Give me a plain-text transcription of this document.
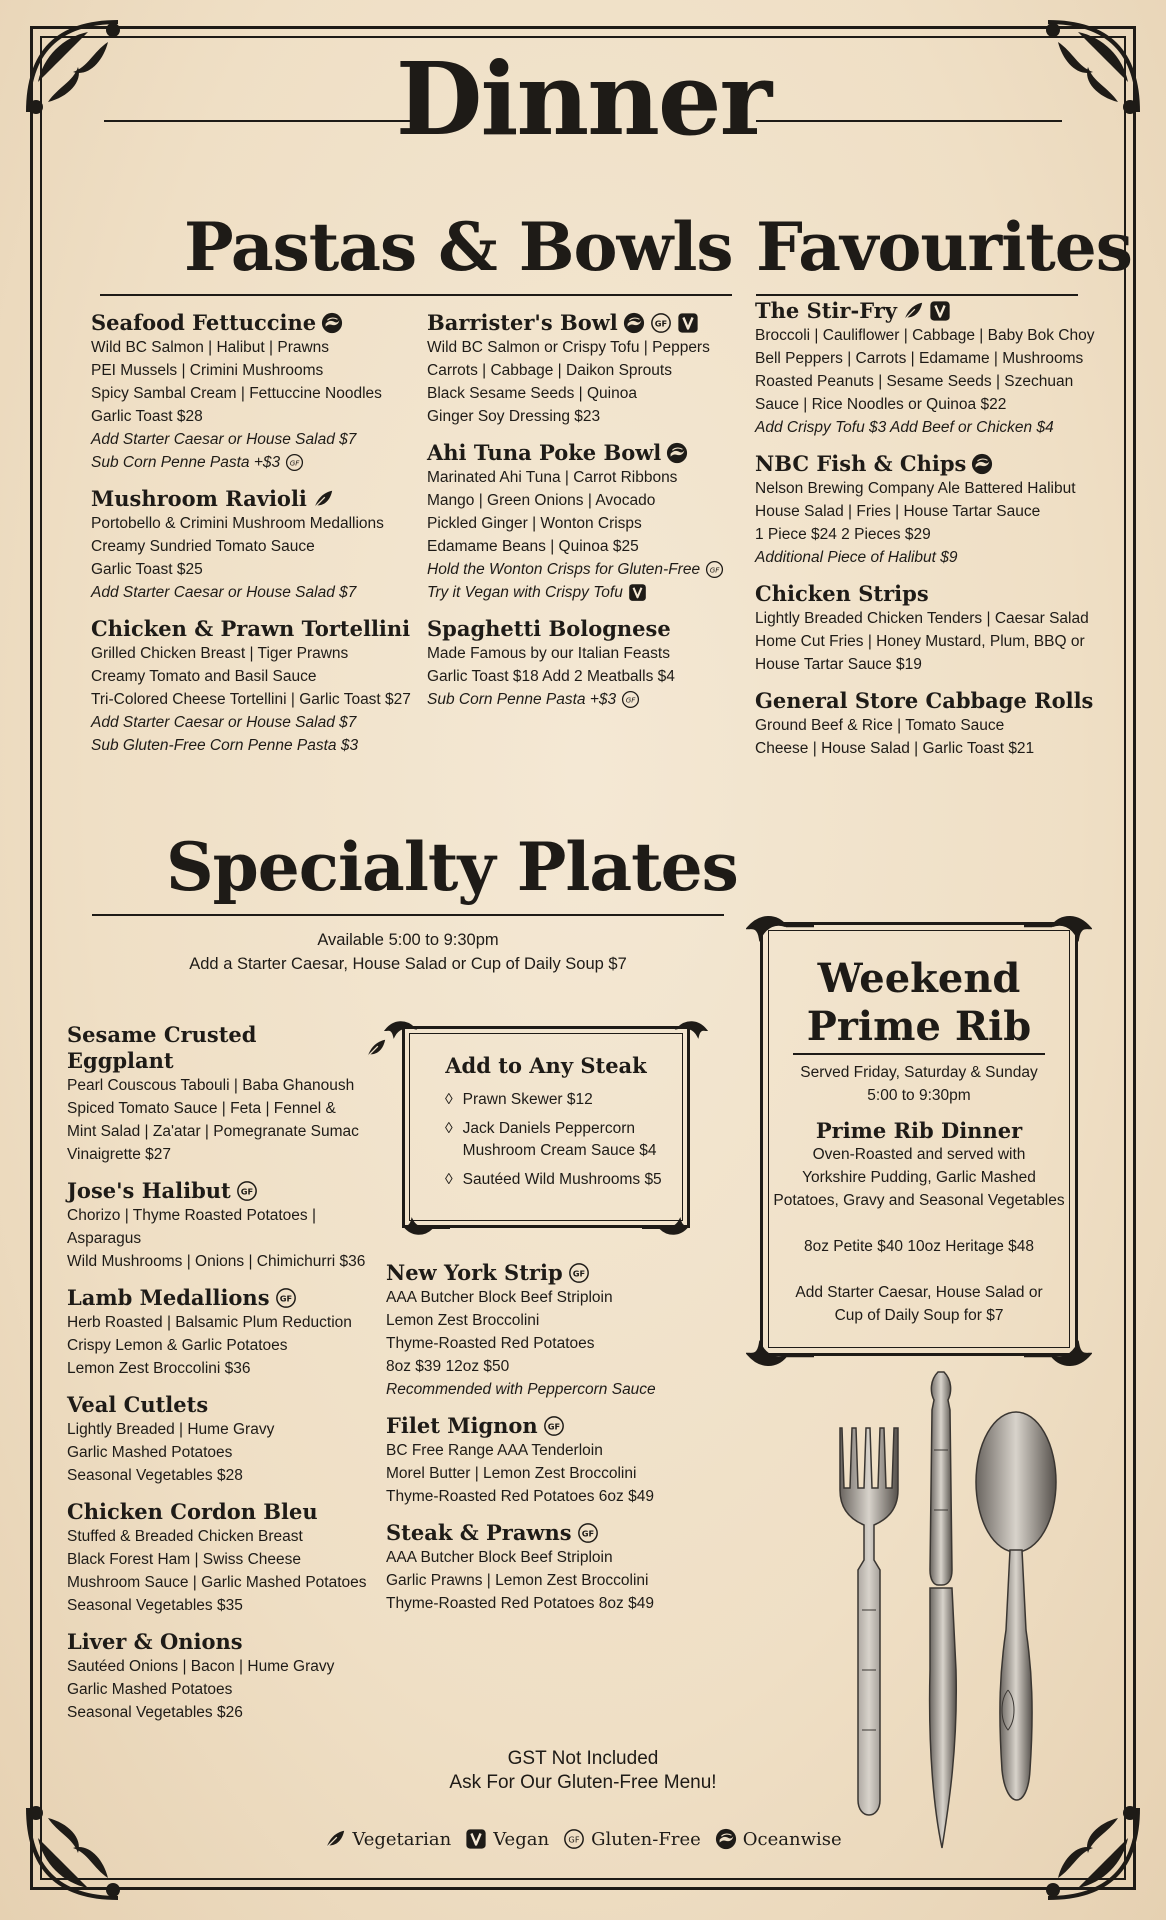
Dinner
Pastas & Bowls
Seafood Fettuccine
Wild BC Salmon | Halibut | Prawns
PEI Mussels | Crimini Mushrooms
Spicy Sambal Cream | Fettuccine Noodles
Garlic Toast $28
Add Starter Caesar or House Salad $7
Sub Corn Penne Pasta +$3 GF
Mushroom Ravioli
Portobello & Crimini Mushroom Medallions
Creamy Sundried Tomato Sauce
Garlic Toast $25
Add Starter Caesar or House Salad $7
Chicken & Prawn Tortellini
Grilled Chicken Breast | Tiger Prawns
Creamy Tomato and Basil Sauce
Tri-Colored Cheese Tortellini | Garlic Toast $27
Add Starter Caesar or House Salad $7
Sub Gluten-Free Corn Penne Pasta $3
Barrister's Bowl	GF
Wild BC Salmon or Crispy Tofu | Peppers
Carrots | Cabbage | Daikon Sprouts
Black Sesame Seeds | Quinoa
Ginger Soy Dressing $23
Ahi Tuna Poke Bowl
Marinated Ahi Tuna | Carrot Ribbons
Mango | Green Onions | Avocado
Pickled Ginger | Wonton Crisps
Edamame Beans | Quinoa $25
Hold the Wonton Crisps for Gluten-Free GF
Try it Vegan with Crispy Tofu
Spaghetti Bolognese
Made Famous by our Italian Feasts
Garlic Toast $18 Add 2 Meatballs $4
Sub Corn Penne Pasta +$3 GF
Favourites
The Stir-Fry
Broccoli | Cauliflower | Cabbage | Baby Bok Choy
Bell Peppers | Carrots | Edamame | Mushrooms
Roasted Peanuts | Sesame Seeds | Szechuan
Sauce | Rice Noodles or Quinoa $22
Add Crispy Tofu $3 Add Beef or Chicken $4
NBC Fish & Chips
Nelson Brewing Company Ale Battered Halibut
House Salad | Fries | House Tartar Sauce
1 Piece $24 2 Pieces $29
Additional Piece of Halibut $9
Chicken Strips
Lightly Breaded Chicken Tenders | Caesar Salad
Home Cut Fries | Honey Mustard, Plum, BBQ or
House Tartar Sauce $19
General Store Cabbage Rolls
Ground Beef & Rice | Tomato Sauce
Cheese | House Salad | Garlic Toast $21
Specialty Plates
Available 5:00 to 9:30pm
Add a Starter Caesar, House Salad or Cup of Daily Soup $7
Sesame Crusted Eggplant
Pearl Couscous Tabouli | Baba Ghanoush
Spiced Tomato Sauce | Feta | Fennel &
Mint Salad | Za'atar | Pomegranate Sumac
Vinaigrette $27
Jose's Halibut GF
Chorizo | Thyme Roasted Potatoes | Asparagus
Wild Mushrooms | Onions | Chimichurri $36
Lamb Medallions GF
Herb Roasted | Balsamic Plum Reduction
Crispy Lemon & Garlic Potatoes
Lemon Zest Broccolini $36
Veal Cutlets
Lightly Breaded | Hume Gravy
Garlic Mashed Potatoes
Seasonal Vegetables $28
Chicken Cordon Bleu
Stuffed & Breaded Chicken Breast
Black Forest Ham | Swiss Cheese
Mushroom Sauce | Garlic Mashed Potatoes
Seasonal Vegetables $35
Liver & Onions
Sautéed Onions | Bacon | Hume Gravy
Garlic Mashed Potatoes
Seasonal Vegetables $26
New York Strip GF
AAA Butcher Block Beef Striploin
Lemon Zest Broccolini
Thyme-Roasted Red Potatoes
8oz $39 12oz $50
Recommended with Peppercorn Sauce
Filet Mignon GF
BC Free Range AAA Tenderloin
Morel Butter | Lemon Zest Broccolini
Thyme-Roasted Red Potatoes 6oz $49
Steak & Prawns GF
AAA Butcher Block Beef Striploin
Garlic Prawns | Lemon Zest Broccolini
Thyme-Roasted Red Potatoes 8oz $49
Add to Any Steak
◊ Prawn Skewer $12
◊ Jack Daniels Peppercorn
Mushroom Cream Sauce $4
◊ Sautéed Wild Mushrooms $5
Weekend
Prime Rib
Served Friday, Saturday & Sunday
5:00 to 9:30pm
Prime Rib Dinner
Oven-Roasted and served with
Yorkshire Pudding, Garlic Mashed
Potatoes, Gravy and Seasonal Vegetables
8oz Petite $40 10oz Heritage $48
Add Starter Caesar, House Salad or
Cup of Daily Soup for $7
GST Not Included
Ask For Our Gluten-Free Menu!
Vegetarian Vegan GF Gluten-Free Oceanwise
